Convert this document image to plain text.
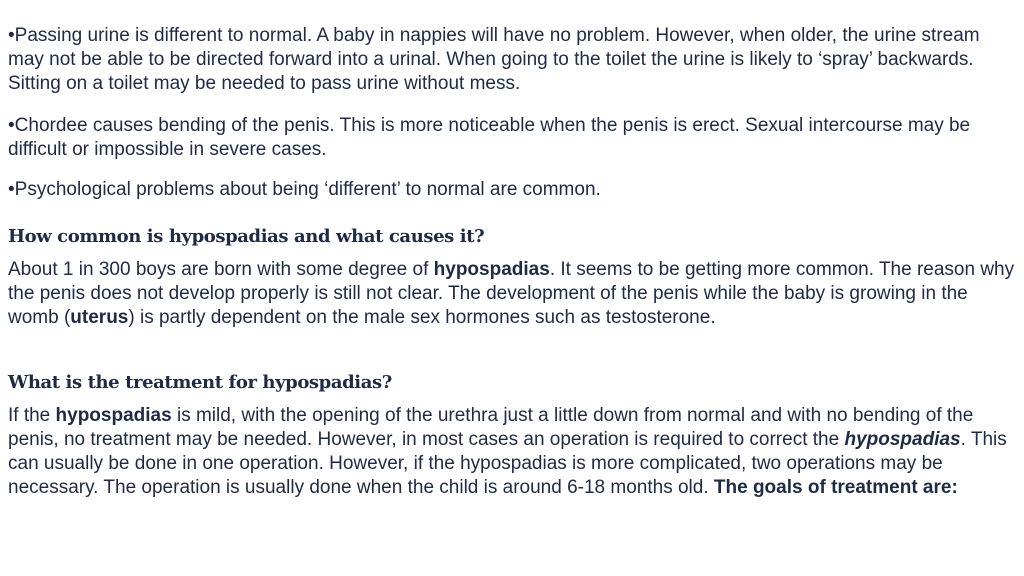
•Passing urine is different to normal. A baby in nappies will have no problem. However, when older, the urine stream may not be able to be directed forward into a urinal. When going to the toilet the urine is likely to ‘spray’ backwards. Sitting on a toilet may be needed to pass urine without mess.

•Chordee causes bending of the penis. This is more noticeable when the penis is erect. Sexual intercourse may be difficult or impossible in severe cases.

•Psychological problems about being ‘different’ to normal are common.

How common is hypospadias and what causes it?

About 1 in 300 boys are born with some degree of hypospadias. It seems to be getting more common. The reason why the penis does not develop properly is still not clear. The development of the penis while the baby is growing in the womb (uterus) is partly dependent on the male sex hormones such as testosterone.

What is the treatment for hypospadias?

If the hypospadias is mild, with the opening of the urethra just a little down from normal and with no bending of the penis, no treatment may be needed. However, in most cases an operation is required to correct the hypospadias. This can usually be done in one operation. However, if the hypospadias is more complicated, two operations may be necessary. The operation is usually done when the child is around 6-18 months old. The goals of treatment are:
